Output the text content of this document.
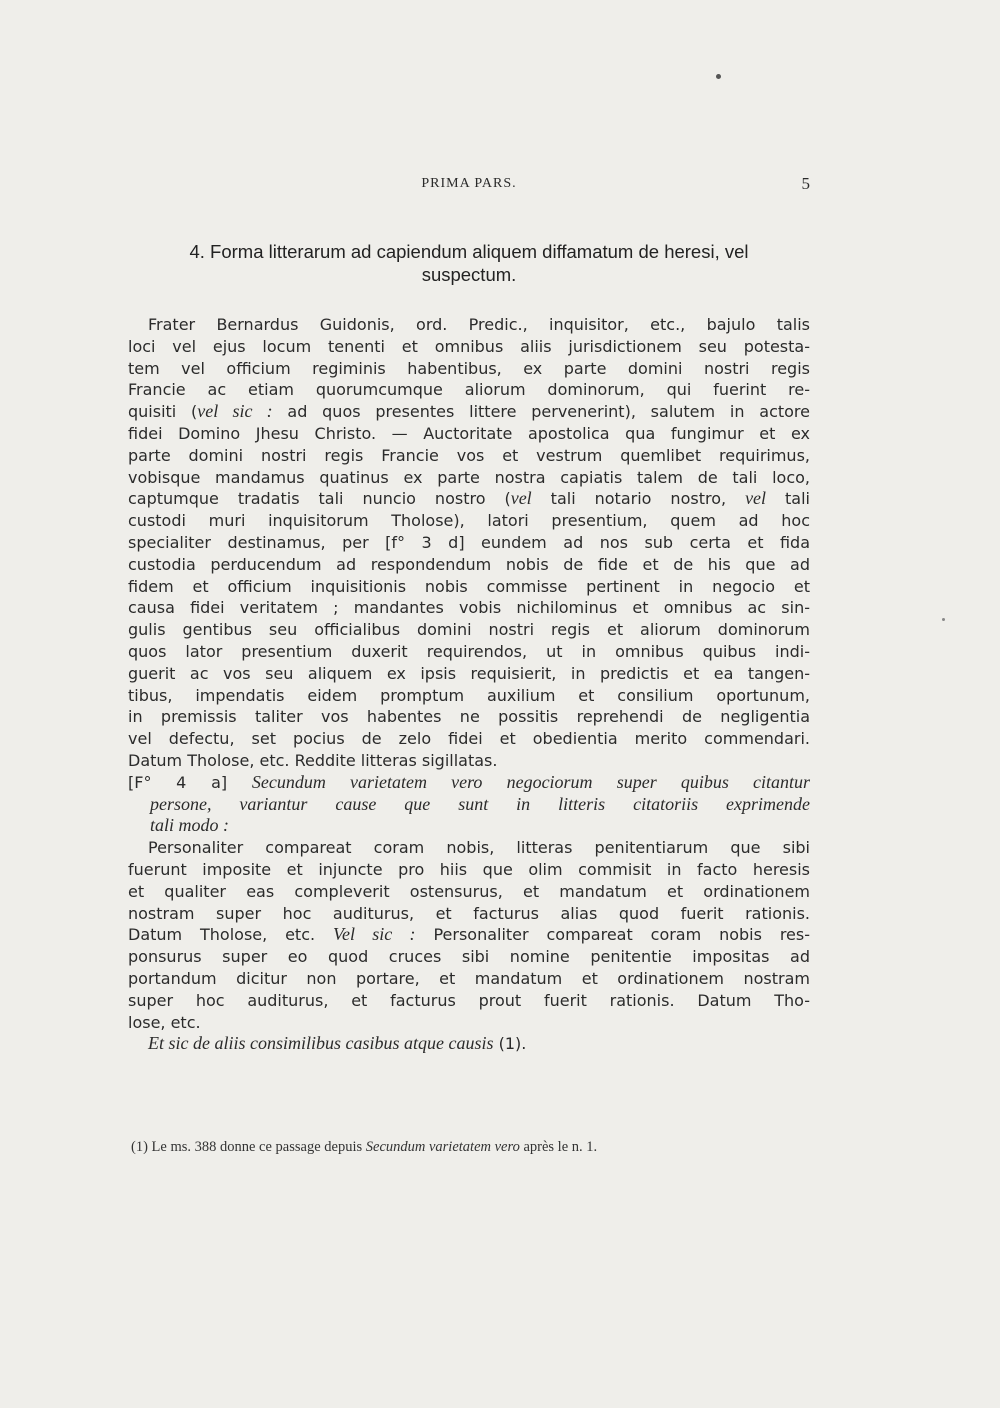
PRIMA PARS.	5
4. Forma litterarum ad capiendum aliquem diffamatum de heresi, vel
suspectum.
Frater Bernardus Guidonis, ord. Predic., inquisitor, etc., bajulo talis
loci vel ejus locum tenenti et omnibus aliis jurisdictionem seu potesta-
tem vel officium regiminis habentibus, ex parte domini nostri regis
Francie ac etiam quorumcumque aliorum dominorum, qui fuerint re-
quisiti (vel sic : ad quos presentes littere pervenerint), salutem in actore
fidei Domino Jhesu Christo. — Auctoritate apostolica qua fungimur et ex
parte domini nostri regis Francie vos et vestrum quemlibet requirimus,
vobisque mandamus quatinus ex parte nostra capiatis talem de tali loco,
captumque tradatis tali nuncio nostro (vel tali notario nostro, vel tali
custodi muri inquisitorum Tholose), latori presentium, quem ad hoc
specialiter destinamus, per [f° 3 d] eundem ad nos sub certa et fida
custodia perducendum ad respondendum nobis de fide et de his que ad
fidem et officium inquisitionis nobis commisse pertinent in negocio et
causa fidei veritatem ; mandantes vobis nichilominus et omnibus ac sin-
gulis gentibus seu officialibus domini nostri regis et aliorum dominorum
quos lator presentium duxerit requirendos, ut in omnibus quibus indi-
guerit ac vos seu aliquem ex ipsis requisierit, in predictis et ea tangen-
tibus, impendatis eidem promptum auxilium et consilium oportunum,
in premissis taliter vos habentes ne possitis reprehendi de negligentia
vel defectu, set pocius de zelo fidei et obedientia merito commendari.
Datum Tholose, etc. Reddite litteras sigillatas.
[F° 4 a] Secundum varietatem vero negociorum super quibus citantur
persone, variantur cause que sunt in litteris citatoriis exprimende
tali modo :
Personaliter compareat coram nobis, litteras penitentiarum que sibi
fuerunt imposite et injuncte pro hiis que olim commisit in facto heresis
et qualiter eas compleverit ostensurus, et mandatum et ordinationem
nostram super hoc auditurus, et facturus alias quod fuerit rationis.
Datum Tholose, etc. Vel sic : Personaliter compareat coram nobis res-
ponsurus super eo quod cruces sibi nomine penitentie impositas ad
portandum dicitur non portare, et mandatum et ordinationem nostram
super hoc auditurus, et facturus prout fuerit rationis. Datum Tho-
lose, etc.
Et sic de aliis consimilibus casibus atque causis (1).
(1) Le ms. 388 donne ce passage depuis Secundum varietatem vero après le n. 1.
